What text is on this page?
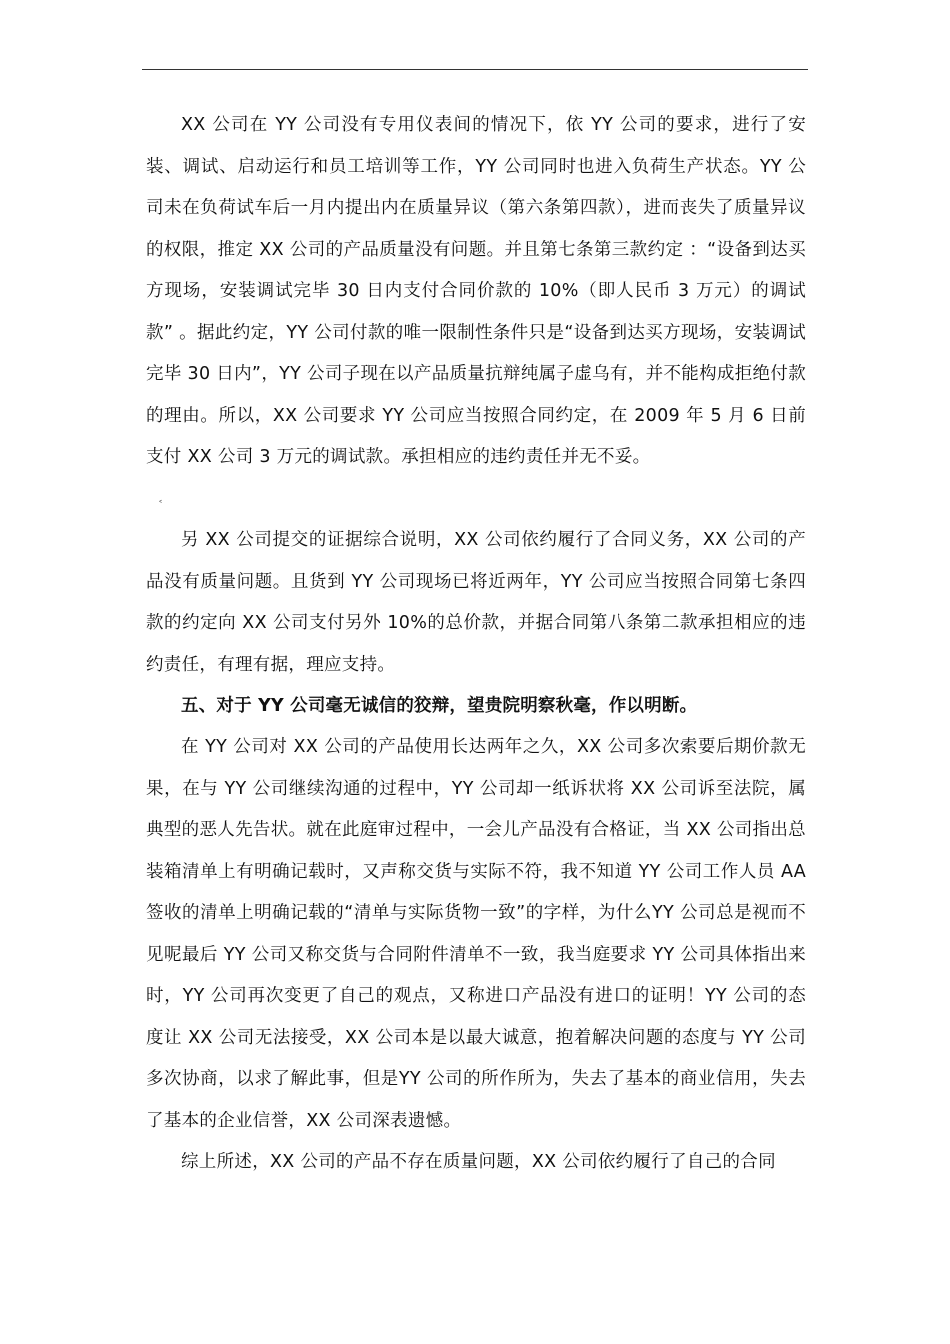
XX 公司在 YY 公司没有专用仪表间的情况下，依 YY 公司的要求，进行了安装、调试、启动运行和员工培训等工作，YY 公司同时也进入负荷生产状态。YY 公司未在负荷试车后一月内提出内在质量异议（第六条第四款），进而丧失了质量异议的权限，推定 XX 公司的产品质量没有问题。并且第七条第三款约定 ：“设备到达买方现场，安装调试完毕 30 日内支付合同价款的 10%（即人民币 3 万元）的调试款” 。据此约定，YY 公司付款的唯一限制性条件只是“设备到达买方现场，安装调试完毕 30 日内”，YY 公司子现在以产品质量抗辩纯属子虚乌有，并不能构成拒绝付款的理由。所以，XX 公司要求 YY 公司应当按照合同约定，在 2009 年 5 月 6 日前支付 XX 公司 3 万元的调试款。承担相应的违约责任并无不妥。

˂

另 XX 公司提交的证据综合说明，XX 公司依约履行了合同义务，XX 公司的产品没有质量问题。且货到 YY 公司现场已将近两年，YY 公司应当按照合同第七条四款的约定向 XX 公司支付另外 10%的总价款，并据合同第八条第二款承担相应的违约责任，有理有据，理应支持。

五、对于 YY 公司毫无诚信的狡辩，望贵院明察秋毫，作以明断。

在 YY 公司对 XX 公司的产品使用长达两年之久，XX 公司多次索要后期价款无果，在与 YY 公司继续沟通的过程中，YY 公司却一纸诉状将 XX 公司诉至法院，属典型的恶人先告状。就在此庭审过程中，一会儿产品没有合格证，当 XX 公司指出总装箱清单上有明确记载时，又声称交货与实际不符，我不知道 YY 公司工作人员 AA 签收的清单上明确记载的“清单与实际货物一致”的字样，为什么YY 公司总是视而不见呢最后 YY 公司又称交货与合同附件清单不一致，我当庭要求 YY 公司具体指出来时，YY 公司再次变更了自己的观点，又称进口产品没有进口的证明！YY 公司的态度让 XX 公司无法接受，XX 公司本是以最大诚意，抱着解决问题的态度与 YY 公司多次协商，以求了解此事，但是YY 公司的所作所为，失去了基本的商业信用，失去了基本的企业信誉，XX 公司深表遗憾。

综上所述，XX 公司的产品不存在质量问题，XX 公司依约履行了自己的合同
